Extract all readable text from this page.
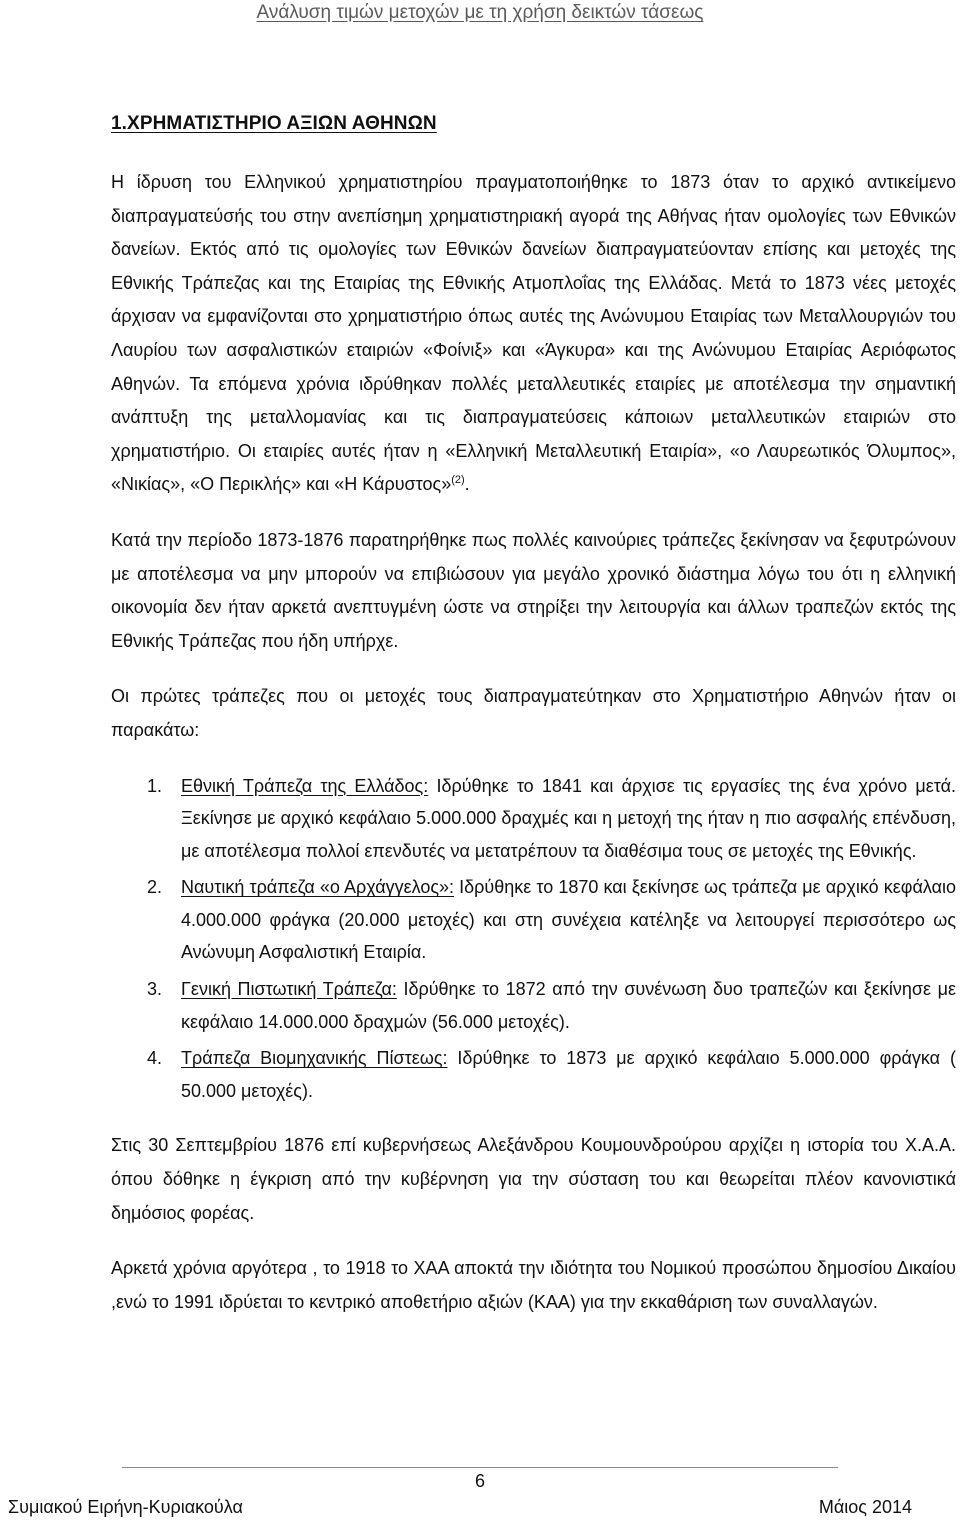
Ανάλυση τιμών μετοχών με τη χρήση δεικτών τάσεως
1.ΧΡΗΜΑΤΙΣΤΗΡΙΟ ΑΞΙΩΝ ΑΘΗΝΩΝ

Η ίδρυση του Ελληνικού χρηματιστηρίου πραγματοποιήθηκε το 1873 όταν το αρχικό αντικείμενο διαπραγματεύσής του στην ανεπίσημη χρηματιστηριακή αγορά της Αθήνας ήταν ομολογίες των Εθνικών δανείων. Εκτός από τις ομολογίες των Εθνικών δανείων διαπραγματεύονταν επίσης και μετοχές της Εθνικής Τράπεζας και της Εταιρίας της Εθνικής Ατμοπλοΐας της Ελλάδας. Μετά το 1873 νέες μετοχές άρχισαν να εμφανίζονται στο χρηματιστήριο όπως αυτές της Ανώνυμου Εταιρίας των Μεταλλουργιών του Λαυρίου των ασφαλιστικών εταιριών «Φοίνιξ» και «Άγκυρα» και της Ανώνυμου Εταιρίας Αεριόφωτος Αθηνών. Τα επόμενα χρόνια ιδρύθηκαν πολλές μεταλλευτικές εταιρίες με αποτέλεσμα την σημαντική ανάπτυξη της μεταλλομανίας και τις διαπραγματεύσεις κάποιων μεταλλευτικών εταιριών στο χρηματιστήριο. Οι εταιρίες αυτές ήταν η «Ελληνική Μεταλλευτική Εταιρία», «ο Λαυρεωτικός Όλυμπος», «Νικίας», «Ο Περικλής» και «Η Κάρυστος»$^{(2)}$.

Κατά την περίοδο 1873-1876 παρατηρήθηκε πως πολλές καινούριες τράπεζες ξεκίνησαν να ξεφυτρώνουν με αποτέλεσμα να μην μπορούν να επιβιώσουν για μεγάλο χρονικό διάστημα λόγω του ότι η ελληνική οικονομία δεν ήταν αρκετά ανεπτυγμένη ώστε να στηρίξει την λειτουργία και άλλων τραπεζών εκτός της Εθνικής Τράπεζας που ήδη υπήρχε.

Οι πρώτες τράπεζες που οι μετοχές τους διαπραγματεύτηκαν στο Χρηματιστήριο Αθηνών ήταν οι παρακάτω:

1. Εθνική Τράπεζα της Ελλάδος: Ιδρύθηκε το 1841 και άρχισε τις εργασίες της ένα χρόνο μετά. Ξεκίνησε με αρχικό κεφάλαιο 5.000.000 δραχμές και η μετοχή της ήταν η πιο ασφαλής επένδυση, με αποτέλεσμα πολλοί επενδυτές να μετατρέπουν τα διαθέσιμα τους σε μετοχές της Εθνικής.
2. Ναυτική τράπεζα «ο Αρχάγγελος»: Ιδρύθηκε το 1870 και ξεκίνησε ως τράπεζα με αρχικό κεφάλαιο 4.000.000 φράγκα (20.000 μετοχές) και στη συνέχεια κατέληξε να λειτουργεί περισσότερο ως Ανώνυμη Ασφαλιστική Εταιρία.
3. Γενική Πιστωτική Τράπεζα: Ιδρύθηκε το 1872 από την συνένωση δυο τραπεζών και ξεκίνησε με κεφάλαιο 14.000.000 δραχμών (56.000 μετοχές).
4. Τράπεζα Βιομηχανικής Πίστεως: Ιδρύθηκε το 1873 με αρχικό κεφάλαιο 5.000.000 φράγκα ( 50.000 μετοχές).

Στις 30 Σεπτεμβρίου 1876 επί κυβερνήσεως Αλεξάνδρου Κουμουνδρούρου αρχίζει η ιστορία του Χ.Α.Α. όπου δόθηκε η έγκριση από την κυβέρνηση για την σύσταση του και θεωρείται πλέον κανονιστικά δημόσιος φορέας.

Αρκετά χρόνια αργότερα , το 1918 το ΧΑΑ αποκτά την ιδιότητα του Νομικού προσώπου δημοσίου Δικαίου ,ενώ το 1991 ιδρύεται το κεντρικό αποθετήριο αξιών (ΚΑΑ) για την εκκαθάριση των συναλλαγών.

6
Συμιακού Ειρήνη-Κυριακούλα	Μάιος 2014
